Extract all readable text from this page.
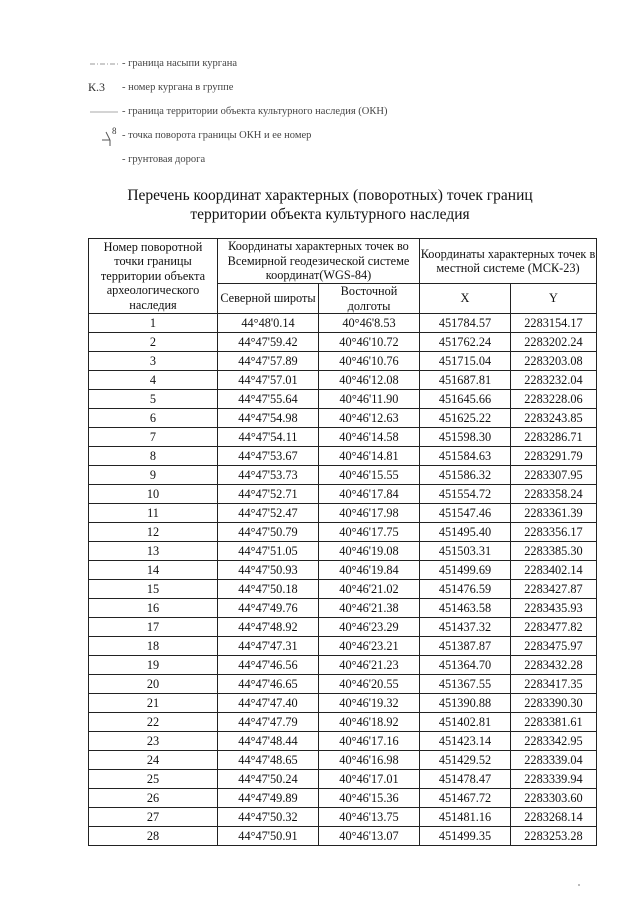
- граница насыпи кургана
К.3 - номер кургана в группе
- граница территории объекта культурного наследия (ОКН)
8 - точка поворота границы ОКН и ее номер
- грунтовая дорога
Перечень координат характерных (поворотных) точек границ территории объекта культурного наследия
Номер поворотной точки границы территории объекта археологического наследия	Координаты характерных точек во Всемирной геодезической системе координат(WGS-84)		Координаты характерных точек в местной системе (МСК-23)	
	Северной широты	Восточной долготы	X	Y
1	44°48'0.14	40°46'8.53	451784.57	2283154.17
2	44°47'59.42	40°46'10.72	451762.24	2283202.24
3	44°47'57.89	40°46'10.76	451715.04	2283203.08
4	44°47'57.01	40°46'12.08	451687.81	2283232.04
5	44°47'55.64	40°46'11.90	451645.66	2283228.06
6	44°47'54.98	40°46'12.63	451625.22	2283243.85
7	44°47'54.11	40°46'14.58	451598.30	2283286.71
8	44°47'53.67	40°46'14.81	451584.63	2283291.79
9	44°47'53.73	40°46'15.55	451586.32	2283307.95
10	44°47'52.71	40°46'17.84	451554.72	2283358.24
11	44°47'52.47	40°46'17.98	451547.46	2283361.39
12	44°47'50.79	40°46'17.75	451495.40	2283356.17
13	44°47'51.05	40°46'19.08	451503.31	2283385.30
14	44°47'50.93	40°46'19.84	451499.69	2283402.14
15	44°47'50.18	40°46'21.02	451476.59	2283427.87
16	44°47'49.76	40°46'21.38	451463.58	2283435.93
17	44°47'48.92	40°46'23.29	451437.32	2283477.82
18	44°47'47.31	40°46'23.21	451387.87	2283475.97
19	44°47'46.56	40°46'21.23	451364.70	2283432.28
20	44°47'46.65	40°46'20.55	451367.55	2283417.35
21	44°47'47.40	40°46'19.32	451390.88	2283390.30
22	44°47'47.79	40°46'18.92	451402.81	2283381.61
23	44°47'48.44	40°46'17.16	451423.14	2283342.95
24	44°47'48.65	40°46'16.98	451429.52	2283339.04
25	44°47'50.24	40°46'17.01	451478.47	2283339.94
26	44°47'49.89	40°46'15.36	451467.72	2283303.60
27	44°47'50.32	40°46'13.75	451481.16	2283268.14
28	44°47'50.91	40°46'13.07	451499.35	2283253.28
